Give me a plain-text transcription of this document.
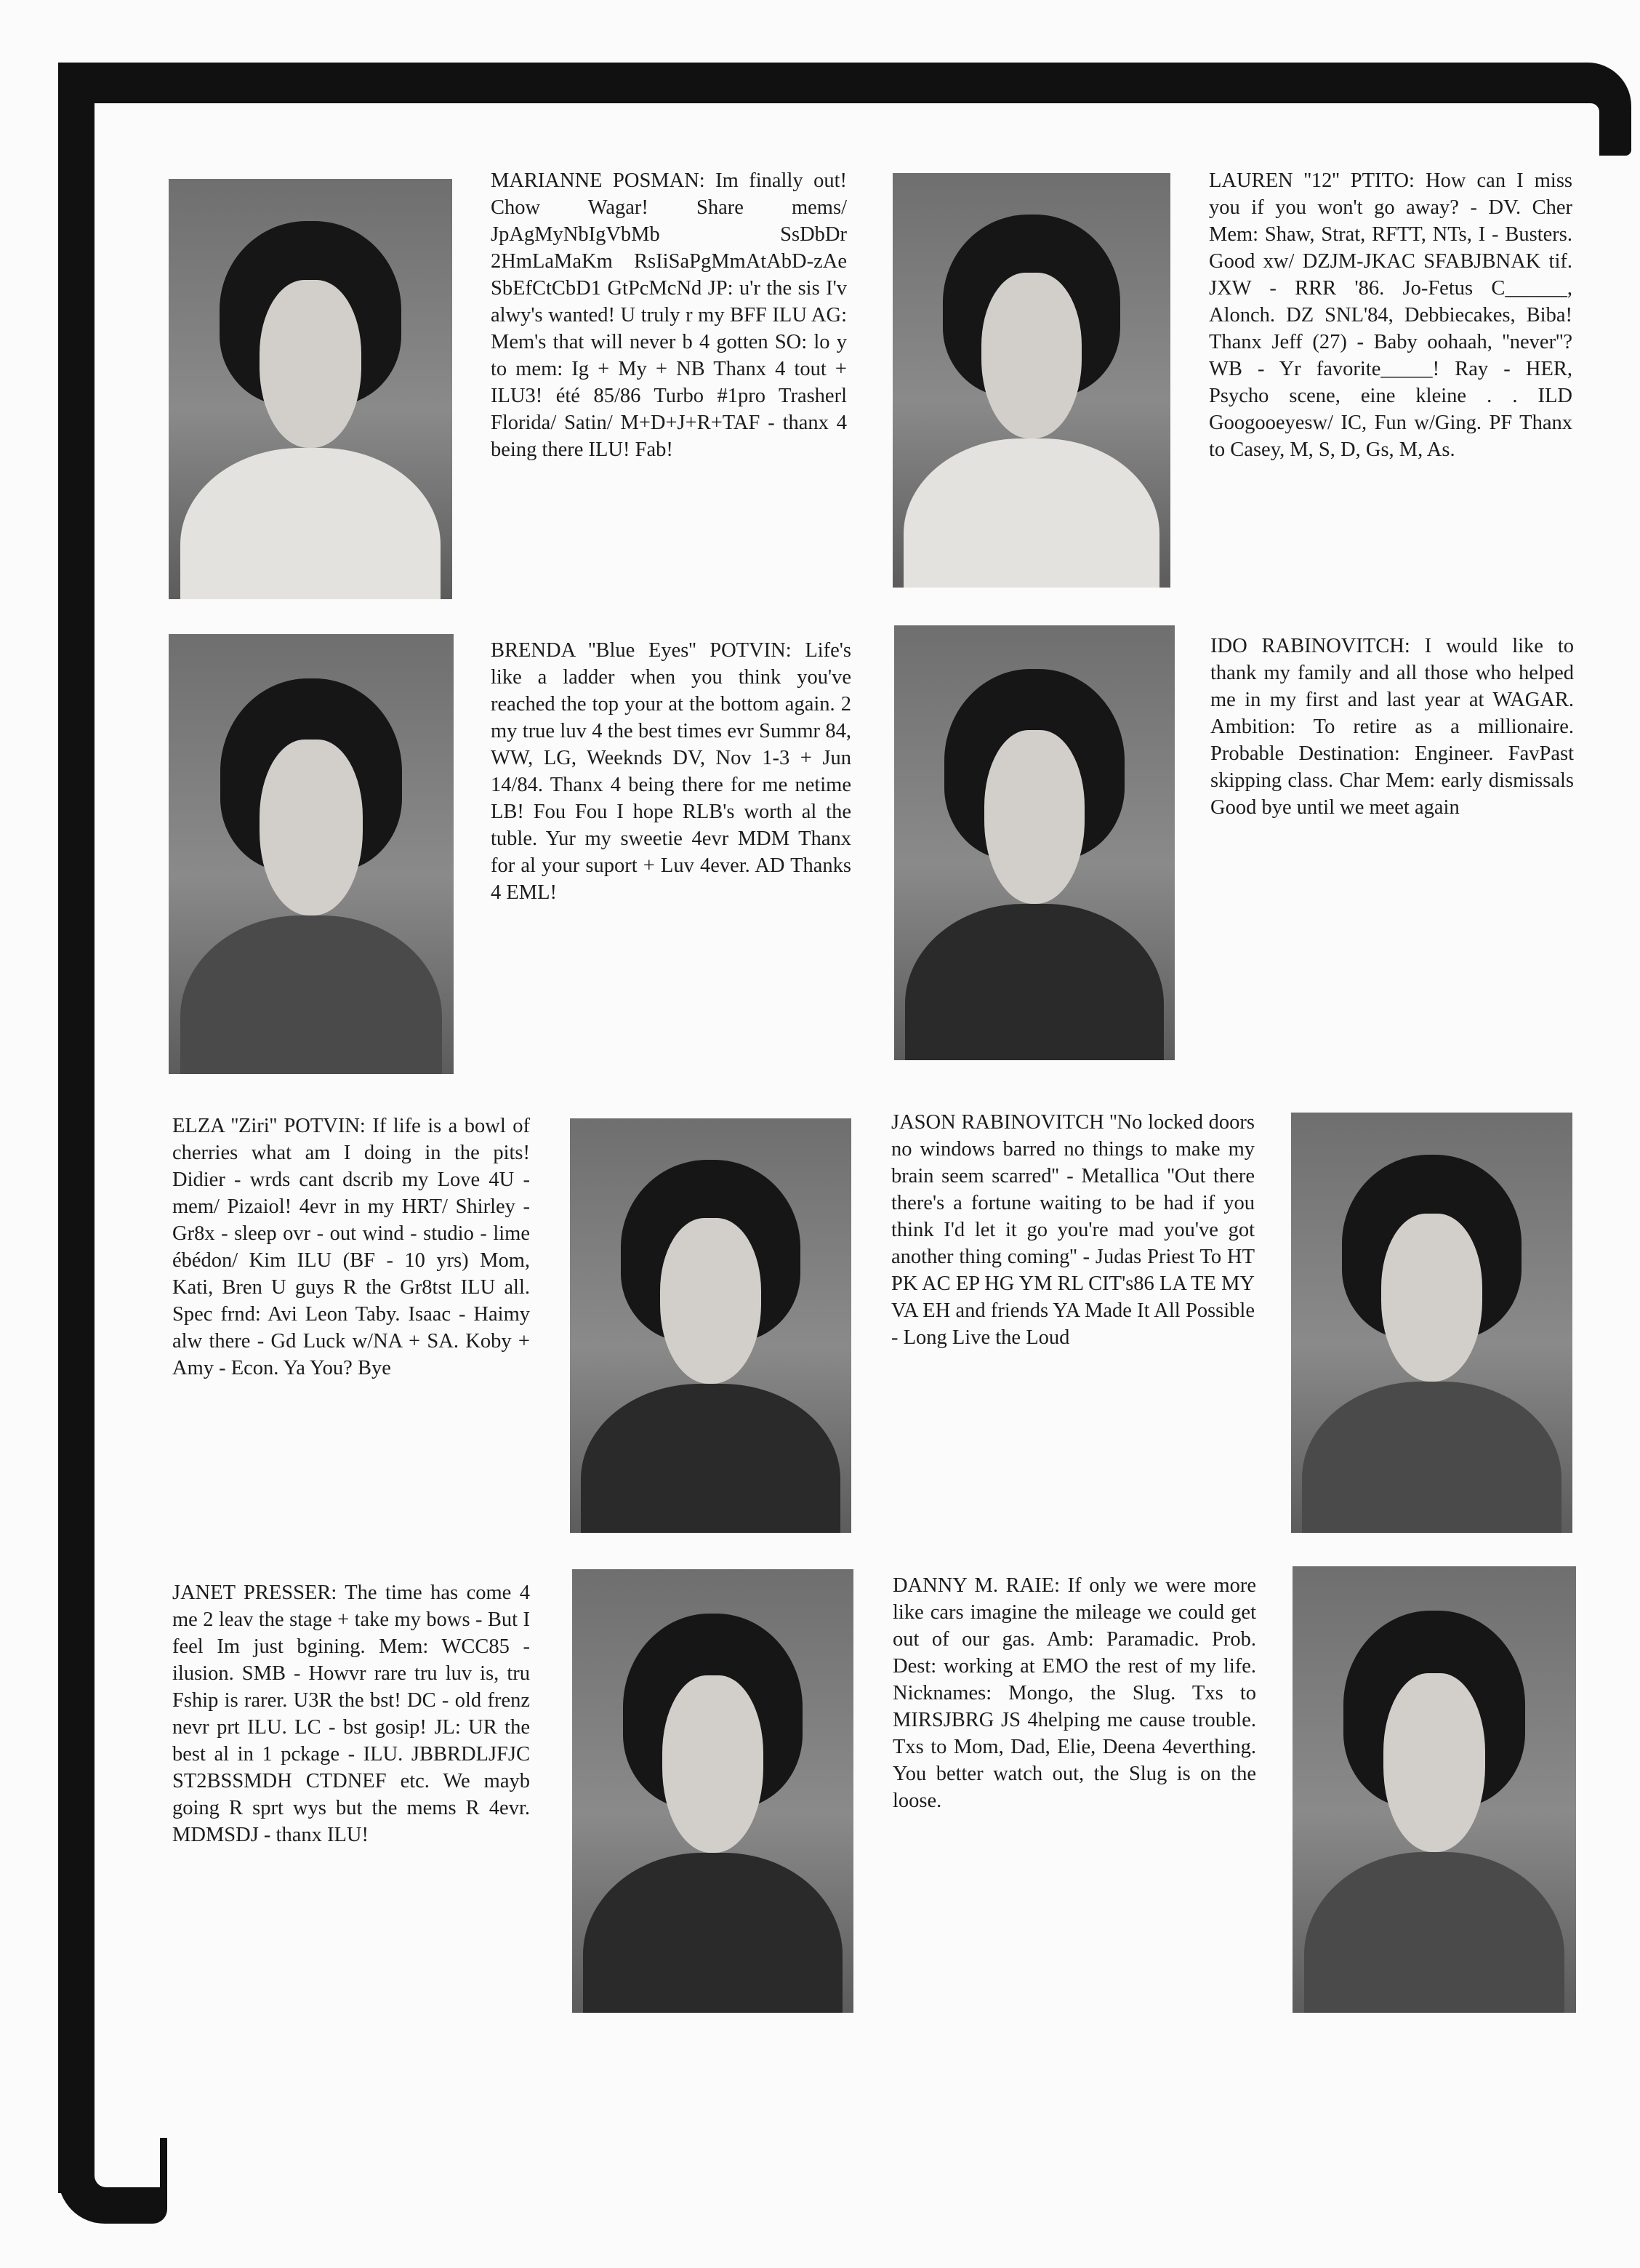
MARIANNE POSMAN: Im finally out! Chow Wagar! Share mems/ JpAgMyNbIgVbMb SsDbDr 2HmLaMaKm RsIiSaPgMmAtAbD-zAe SbEfCtCbD1 GtPcMcNd JP: u'r the sis I'v alwy's wanted! U truly r my BFF ILU AG: Mem's that will never b 4 gotten SO: lo y to mem: Ig + My + NB Thanx 4 tout + ILU3! été 85/86 Turbo #1pro Trasherl Florida/ Satin/ M+D+J+R+TAF - thanx 4 being there ILU! Fab!
LAUREN ''12'' PTITO: How can I miss you if you won't go away? - DV. Cher Mem: Shaw, Strat, RFTT, NTs, I - Busters. Good xw/ DZJM-JKAC SFABJBNAK tif. JXW - RRR '86. Jo-Fetus C______, Alonch. DZ SNL'84, Debbiecakes, Biba! Thanx Jeff (27) - Baby oohaah, ''never''? WB - Yr favorite_____! Ray - HER, Psycho scene, eine kleine . . ILD Googooeyesw/ IC, Fun w/Ging. PF Thanx to Casey, M, S, D, Gs, M, As.
BRENDA ''Blue Eyes'' POTVIN: Life's like a ladder when you think you've reached the top your at the bottom again. 2 my true luv 4 the best times evr Summr 84, WW, LG, Weeknds DV, Nov 1-3 + Jun 14/84. Thanx 4 being there for me netime LB! Fou Fou I hope RLB's worth al the tuble. Yur my sweetie 4evr MDM Thanx for al your suport + Luv 4ever. AD Thanks 4 EML!
IDO RABINOVITCH: I would like to thank my family and all those who helped me in my first and last year at WAGAR. Ambition: To retire as a millionaire. Probable Destination: Engineer. FavPast skipping class. Char Mem: early dismissals Good bye until we meet again
ELZA ''Ziri'' POTVIN: If life is a bowl of cherries what am I doing in the pits! Didier - wrds cant dscrib my Love 4U - mem/ Pizaiol! 4evr in my HRT/ Shirley - Gr8x - sleep ovr - out wind - studio - lime ébédon/ Kim ILU (BF - 10 yrs) Mom, Kati, Bren U guys R the Gr8tst ILU all. Spec frnd: Avi Leon Taby. Isaac - Haimy alw there - Gd Luck w/NA + SA. Koby + Amy - Econ. Ya You? Bye
JASON RABINOVITCH ''No locked doors no windows barred no things to make my brain seem scarred'' - Metallica ''Out there there's a fortune waiting to be had if you think I'd let it go you're mad you've got another thing coming'' - Judas Priest To HT PK AC EP HG YM RL CIT's86 LA TE MY VA EH and friends YA Made It All Possible - Long Live the Loud
JANET PRESSER: The time has come 4 me 2 leav the stage + take my bows - But I feel Im just bgining. Mem: WCC85 - ilusion. SMB - Howvr rare tru luv is, tru Fship is rarer. U3R the bst! DC - old frenz nevr prt ILU. LC - bst gosip! JL: UR the best al in 1 pckage - ILU. JBBRDLJFJC ST2BSSMDH CTDNEF etc. We mayb going R sprt wys but the mems R 4evr. MDMSDJ - thanx ILU!
DANNY M. RAIE: If only we were more like cars imagine the mileage we could get out of our gas. Amb: Paramadic. Prob. Dest: working at EMO the rest of my life. Nicknames: Mongo, the Slug. Txs to MIRSJBRG JS 4helping me cause trouble. Txs to Mom, Dad, Elie, Deena 4everthing. You better watch out, the Slug is on the loose.
